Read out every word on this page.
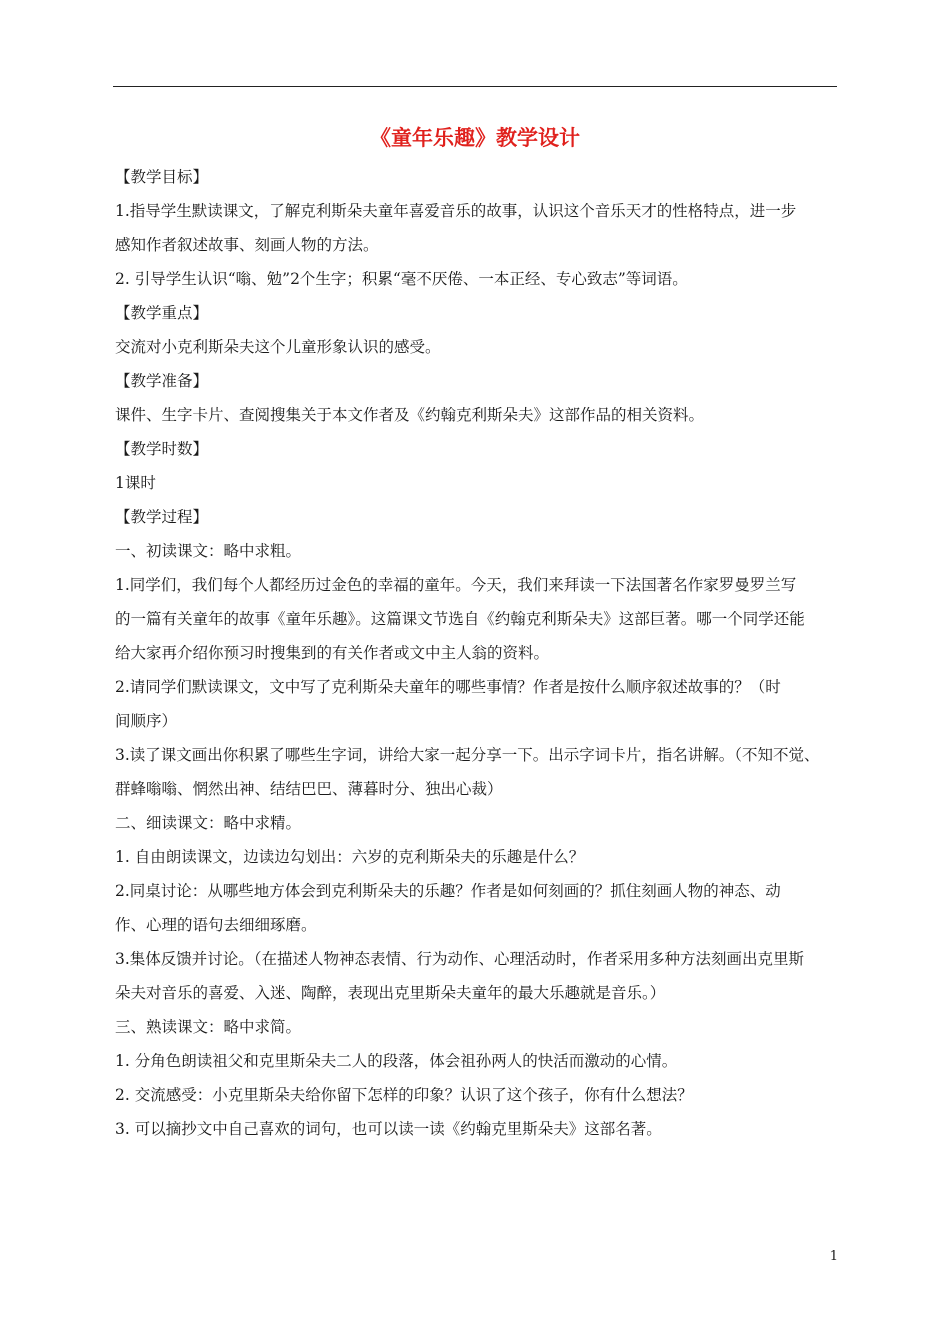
《童年乐趣》教学设计

【教学目标】

1.指导学生默读课文，了解克利斯朵夫童年喜爱音乐的故事，认识这个音乐天才的性格特点，进一步

感知作者叙述故事、刻画人物的方法。

2. 引导学生认识“嗡、勉”2个生字；积累“毫不厌倦、一本正经、专心致志”等词语。

【教学重点】

交流对小克利斯朵夫这个儿童形象认识的感受。

【教学准备】

课件、生字卡片、查阅搜集关于本文作者及《约翰克利斯朵夫》这部作品的相关资料。

【教学时数】

1课时

【教学过程】

一、初读课文：略中求粗。

1.同学们，我们每个人都经历过金色的幸福的童年。今天，我们来拜读一下法国著名作家罗曼罗兰写

的一篇有关童年的故事《童年乐趣》。这篇课文节选自《约翰克利斯朵夫》这部巨著。哪一个同学还能

给大家再介绍你预习时搜集到的有关作者或文中主人翁的资料。

2.请同学们默读课文，文中写了克利斯朵夫童年的哪些事情？作者是按什么顺序叙述故事的？（时

间顺序）

3.读了课文画出你积累了哪些生字词，讲给大家一起分享一下。出示字词卡片，指名讲解。（不知不觉、

群蜂嗡嗡、惘然出神、结结巴巴、薄暮时分、独出心裁）

二、细读课文：略中求精。

1. 自由朗读课文，边读边勾划出：六岁的克利斯朵夫的乐趣是什么？

2.同桌讨论：从哪些地方体会到克利斯朵夫的乐趣？作者是如何刻画的？抓住刻画人物的神态、动

作、心理的语句去细细琢磨。

3.集体反馈并讨论。（在描述人物神态表情、行为动作、心理活动时，作者采用多种方法刻画出克里斯

朵夫对音乐的喜爱、入迷、陶醉，表现出克里斯朵夫童年的最大乐趣就是音乐。）

三、熟读课文：略中求简。

1. 分角色朗读祖父和克里斯朵夫二人的段落，体会祖孙两人的快活而激动的心情。

2. 交流感受：小克里斯朵夫给你留下怎样的印象？认识了这个孩子，你有什么想法？

3. 可以摘抄文中自己喜欢的词句，也可以读一读《约翰克里斯朵夫》这部名著。

1
